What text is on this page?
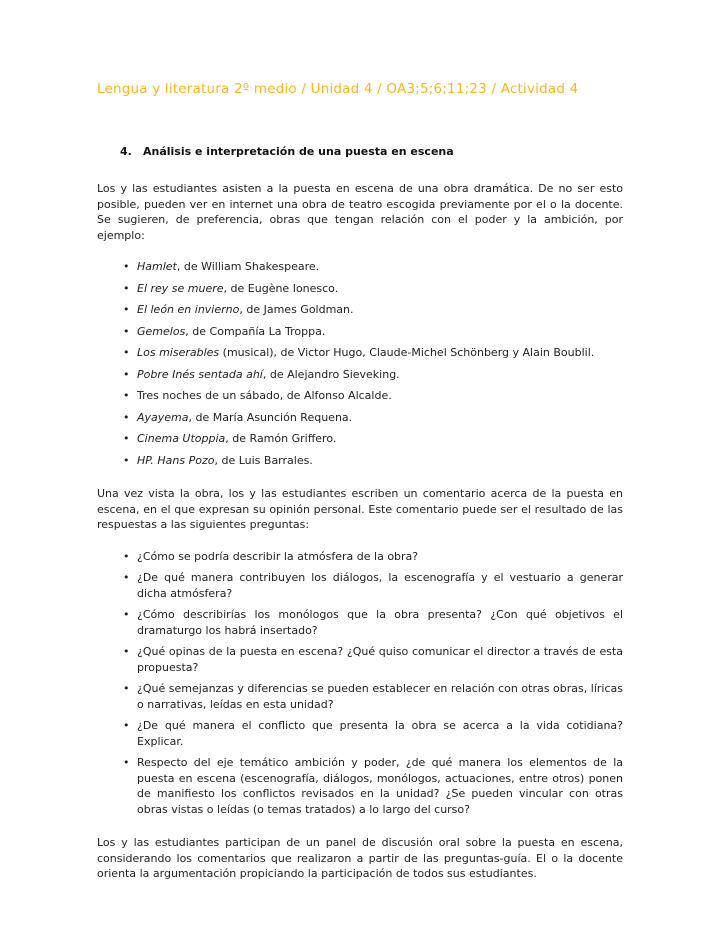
Lengua y literatura 2º medio / Unidad 4 / OA3;5;6;11;23 / Actividad 4
4.	Análisis e interpretación de una puesta en escena

Los y las estudiantes asisten a la puesta en escena de una obra dramática. De no ser esto posible, pueden ver en internet una obra de teatro escogida previamente por el o la docente. Se sugieren, de preferencia, obras que tengan relación con el poder y la ambición, por ejemplo:

• Hamlet, de William Shakespeare.
• El rey se muere, de Eugène Ionesco.
• El león en invierno, de James Goldman.
• Gemelos, de Compañía La Troppa.
• Los miserables (musical), de Victor Hugo, Claude-Michel Schönberg y Alain Boublil.
• Pobre Inés sentada ahí, de Alejandro Sieveking.
• Tres noches de un sábado, de Alfonso Alcalde.
• Ayayema, de María Asunción Requena.
• Cinema Utoppia, de Ramón Griffero.
• HP. Hans Pozo, de Luis Barrales.

Una vez vista la obra, los y las estudiantes escriben un comentario acerca de la puesta en escena, en el que expresan su opinión personal. Este comentario puede ser el resultado de las respuestas a las siguientes preguntas:

• ¿Cómo se podría describir la atmósfera de la obra?
• ¿De qué manera contribuyen los diálogos, la escenografía y el vestuario a generar dicha atmósfera?
• ¿Cómo describirías los monólogos que la obra presenta? ¿Con qué objetivos el dramaturgo los habrá insertado?
• ¿Qué opinas de la puesta en escena? ¿Qué quiso comunicar el director a través de esta propuesta?
• ¿Qué semejanzas y diferencias se pueden establecer en relación con otras obras, líricas o narrativas, leídas en esta unidad?
• ¿De qué manera el conflicto que presenta la obra se acerca a la vida cotidiana? Explicar.
• Respecto del eje temático ambición y poder, ¿de qué manera los elementos de la puesta en escena (escenografía, diálogos, monólogos, actuaciones, entre otros) ponen de manifiesto los conflictos revisados en la unidad? ¿Se pueden vincular con otras obras vistas o leídas (o temas tratados) a lo largo del curso?

Los y las estudiantes participan de un panel de discusión oral sobre la puesta en escena, considerando los comentarios que realizaron a partir de las preguntas-guía. El o la docente orienta la argumentación propiciando la participación de todos sus estudiantes.
